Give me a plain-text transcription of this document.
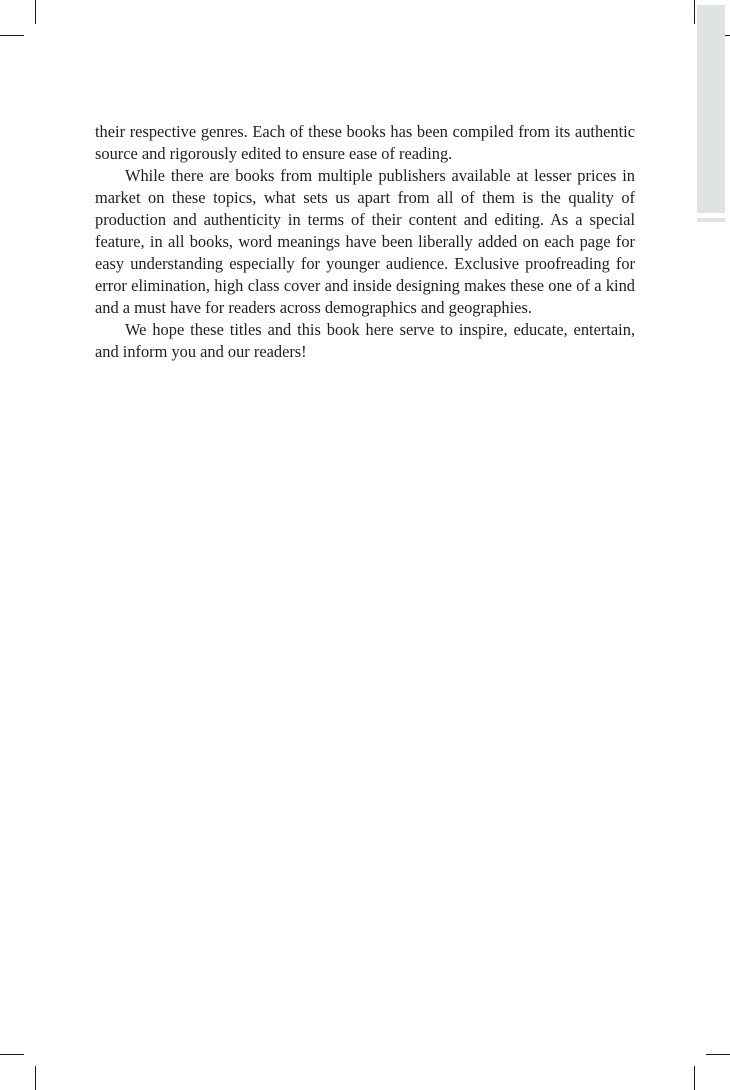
their respective genres. Each of these books has been compiled from its authentic source and rigorously edited to ensure ease of reading.

While there are books from multiple publishers available at lesser prices in market on these topics, what sets us apart from all of them is the quality of production and authenticity in terms of their content and editing. As a special feature, in all books, word meanings have been liberally added on each page for easy understanding especially for younger audience. Exclusive proofreading for error elimination, high class cover and inside designing makes these one of a kind and a must have for readers across demographics and geographies.

We hope these titles and this book here serve to inspire, educate, entertain, and inform you and our readers!
